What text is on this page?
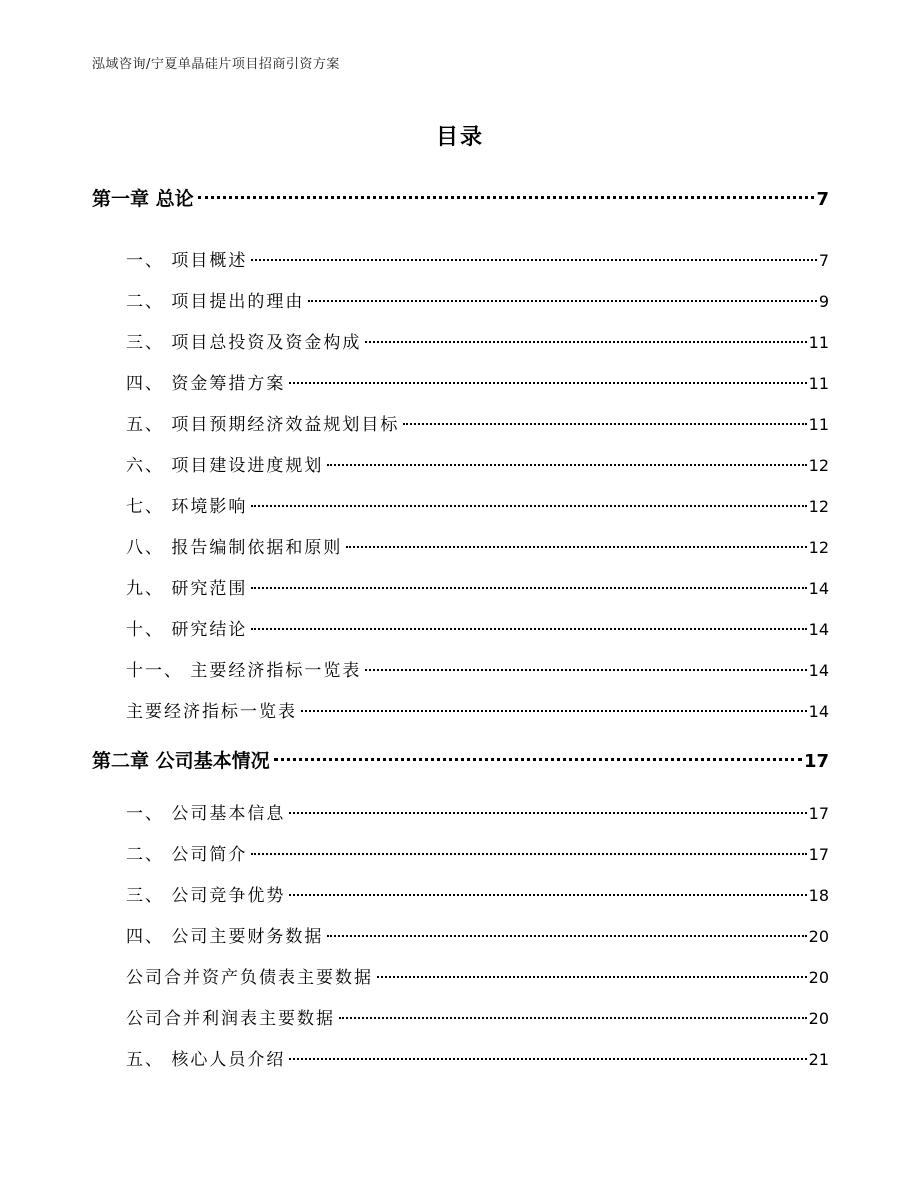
泓域咨询/宁夏单晶硅片项目招商引资方案
目录
第一章 总论	7
一、 项目概述	7
二、 项目提出的理由	9
三、 项目总投资及资金构成	11
四、 资金筹措方案	11
五、 项目预期经济效益规划目标	11
六、 项目建设进度规划	12
七、 环境影响	12
八、 报告编制依据和原则	12
九、 研究范围	14
十、 研究结论	14
十一、 主要经济指标一览表	14
主要经济指标一览表	14
第二章 公司基本情况	17
一、 公司基本信息	17
二、 公司简介	17
三、 公司竞争优势	18
四、 公司主要财务数据	20
公司合并资产负债表主要数据	20
公司合并利润表主要数据	20
五、 核心人员介绍	21
